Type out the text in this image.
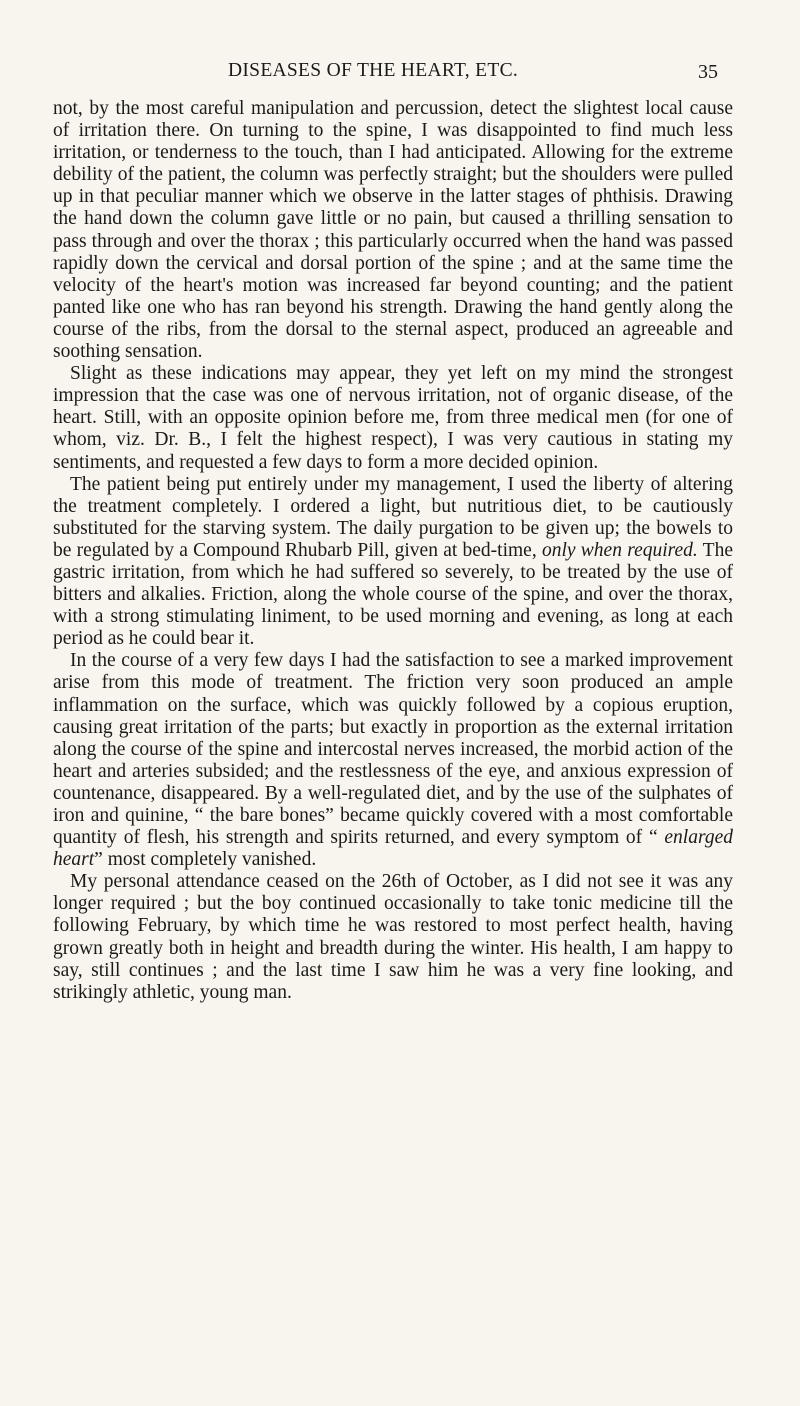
DISEASES OF THE HEART, ETC.	35

not, by the most careful manipulation and percussion, detect the slightest local cause of irritation there. On turning to the spine, I was disappointed to find much less irritation, or tenderness to the touch, than I had anticipated. Allowing for the extreme debility of the patient, the column was perfectly straight; but the shoulders were pulled up in that peculiar manner which we observe in the latter stages of phthisis. Drawing the hand down the column gave little or no pain, but caused a thrilling sensation to pass through and over the thorax ; this particularly occurred when the hand was passed rapidly down the cervical and dorsal portion of the spine ; and at the same time the velocity of the heart's motion was increased far beyond counting; and the patient panted like one who has ran beyond his strength. Drawing the hand gently along the course of the ribs, from the dorsal to the sternal aspect, produced an agreeable and soothing sensation.

Slight as these indications may appear, they yet left on my mind the strongest impression that the case was one of nervous irritation, not of organic disease, of the heart. Still, with an opposite opinion before me, from three medical men (for one of whom, viz. Dr. B., I felt the highest respect), I was very cautious in stating my sentiments, and requested a few days to form a more decided opinion.

The patient being put entirely under my management, I used the liberty of altering the treatment completely. I ordered a light, but nutritious diet, to be cautiously substituted for the starving system. The daily purgation to be given up; the bowels to be regulated by a Compound Rhubarb Pill, given at bed-time, only when required. The gastric irritation, from which he had suffered so severely, to be treated by the use of bitters and alkalies. Friction, along the whole course of the spine, and over the thorax, with a strong stimulating liniment, to be used morning and evening, as long at each period as he could bear it.

In the course of a very few days I had the satisfaction to see a marked improvement arise from this mode of treatment. The friction very soon produced an ample inflammation on the surface, which was quickly followed by a copious eruption, causing great irritation of the parts; but exactly in proportion as the external irritation along the course of the spine and intercostal nerves increased, the morbid action of the heart and arteries subsided; and the restlessness of the eye, and anxious expression of countenance, disappeared. By a well-regulated diet, and by the use of the sulphates of iron and quinine, “ the bare bones” became quickly covered with a most comfortable quantity of flesh, his strength and spirits returned, and every symptom of “ enlarged heart” most completely vanished.

My personal attendance ceased on the 26th of October, as I did not see it was any longer required ; but the boy continued occasionally to take tonic medicine till the following February, by which time he was restored to most perfect health, having grown greatly both in height and breadth during the winter. His health, I am happy to say, still continues ; and the last time I saw him he was a very fine looking, and strikingly athletic, young man.
